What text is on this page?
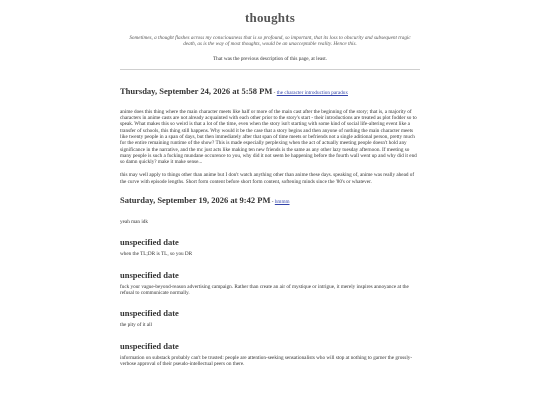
thoughts

Sometimes, a thought flashes across my consciousness that is so profound, so important, that its loss to obscurity and subsequent tragic death, as is the way of most thoughts, would be an unacceptable reality. Hence this.

That was the previous description of this page, at least.
Thursday, September 24, 2026 at 5:58 PM - the character introduction paradox

anime does this thing where the main character meets like half or more of the main cast after the beginning of the story; that is, a majority of characters in anime casts are not already acquainted with each other prior to the story's start - their introductions are treated as plot fodder so to speak. What makes this so weird is that a lot of the time, even when the story isn't starting with some kind of social life-altering event like a transfer of schools, this thing still happens. Why would it be the case that a story begins and then anyone of nothing the main character meets like twenty people in a span of days, but then immediately after that span of time meets or befriends not a single aditional person, pretty much for the entire remaining runtime of the show? This is made especially perplexing when the act of actually meeting people doesn't hold any significance in the narrative, and the mc just acts like making ten new friends is the same as any other lazy tuesday afternoon. If meeting so many people is such a fucking mundane occurence to you, why did it not seem be happening before the fourth wall went up and why did it end so damn quickly? make it make sense...

this may well apply to things other than anime but I don't watch anything other than anime these days. speaking of, anime was really ahead of the curve with episode lengths. Short form content before short form content, softening minds since the '80's or whatever.

Saturday, September 19, 2026 at 9:42 PM - hmmm

yeah man idk

unspecified date

when the TL;DR is TL, so you DR

unspecified date

fuck your vague-beyond-reason advertising campaign. Rather than create an air of mystique or intrigue, it merely inspires annoyance at the refusal to communicate normally.

unspecified date

the pity of it all

unspecified date

information on substack probably can't be trusted: people are attention-seeking sensationalists who will stop at nothing to garner the grossly-verbose approval of their pseudo-intellectual peers on there.
